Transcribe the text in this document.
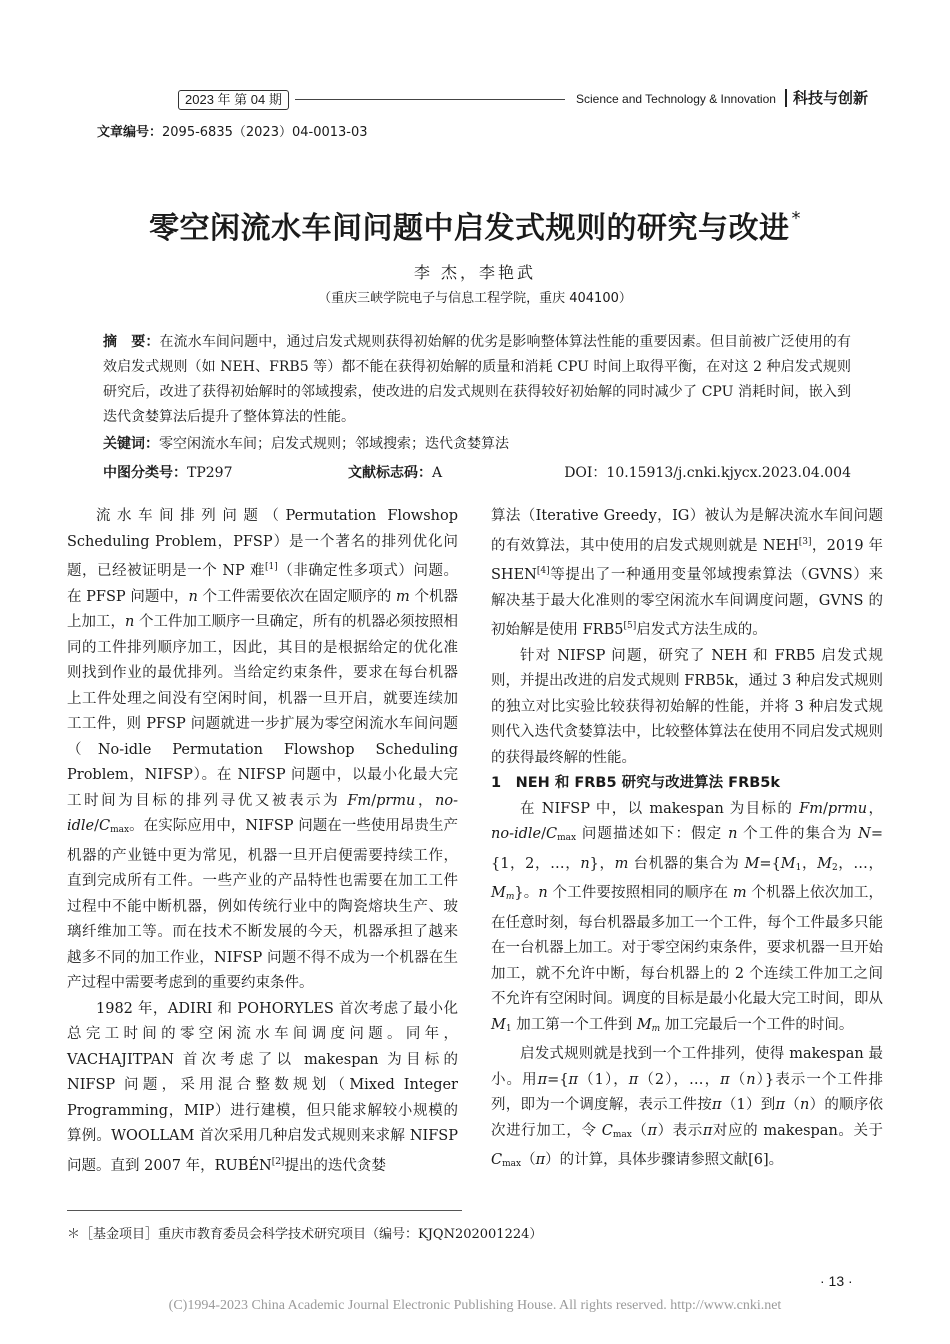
2023 年 第 04 期	Science and Technology & Innovation 科技与创新
文章编号：2095-6835（2023）04-0013-03
零空闲流水车间问题中启发式规则的研究与改进 *
李 杰，李艳武
（重庆三峡学院电子与信息工程学院，重庆 404100）
摘　要：在流水车间问题中，通过启发式规则获得初始解的优劣是影响整体算法性能的重要因素。但目前被广泛使用的有效启发式规则（如 NEH、FRB5 等）都不能在获得初始解的质量和消耗 CPU 时间上取得平衡，在对这 2 种启发式规则研究后，改进了获得初始解时的邻域搜索，使改进的启发式规则在获得较好初始解的同时减少了 CPU 消耗时间，嵌入到迭代贪婪算法后提升了整体算法的性能。
关键词：零空闲流水车间；启发式规则；邻域搜索；迭代贪婪算法
中图分类号：TP297	文献标志码：A	DOI：10.15913/j.cnki.kjycx.2023.04.004

流水车间排列问题（Permutation Flowshop Scheduling Problem，PFSP）是一个著名的排列优化问题，已经被证明是一个 NP 难[1]（非确定性多项式）问题。在 PFSP 问题中，n 个工件需要依次在固定顺序的 m 个机器上加工，n 个工件加工顺序一旦确定，所有的机器必须按照相同的工件排列顺序加工，因此，其目的是根据给定的优化准则找到作业的最优排列。当给定约束条件，要求在每台机器上工件处理之间没有空闲时间，机器一旦开启，就要连续加工工件，则 PFSP 问题就进一步扩展为零空闲流水车间问题（No-idle Permutation Flowshop Scheduling Problem，NIFSP）。在 NIFSP 问题中，以最小化最大完工时间为目标的排列寻优又被表示为 Fm/prmu，$no-idle/C_{max}$。在实际应用中，NIFSP 问题在一些使用昂贵生产机器的产业链中更为常见，机器一旦开启便需要持续工作，直到完成所有工件。一些产业的产品特性也需要在加工工件过程中不能中断机器，例如传统行业中的陶瓷熔块生产、玻璃纤维加工等。而在技术不断发展的今天，机器承担了越来越多不同的加工作业，NIFSP 问题不得不成为一个机器在生产过程中需要考虑到的重要约束条件。

1982 年，ADIRI 和 POHORYLES 首次考虑了最小化总完工时间的零空闲流水车间调度问题。同年，VACHAJITPAN 首次考虑了以 makespan 为目标的 NIFSP 问题，采用混合整数规划（Mixed Integer Programming，MIP）进行建模，但只能求解较小规模的算例。WOOLLAM 首次采用几种启发式规则来求解 NIFSP 问题。直到 2007 年，RUBÉN[2]提出的迭代贪婪

算法（Iterative Greedy，IG）被认为是解决流水车间问题的有效算法，其中使用的启发式规则就是 NEH[3]，2019 年 SHEN[4]等提出了一种通用变量邻域搜索算法（GVNS）来解决基于最大化准则的零空闲流水车间调度问题，GVNS 的初始解是使用 FRB5[5]启发式方法生成的。

针对 NIFSP 问题，研究了 NEH 和 FRB5 启发式规则，并提出改进的启发式规则 FRB5k，通过 3 种启发式规则的独立对比实验比较获得初始解的性能，并将 3 种启发式规则代入迭代贪婪算法中，比较整体算法在使用不同启发式规则的获得最终解的性能。

1　NEH 和 FRB5 研究与改进算法 FRB5k

在 NIFSP 中，以 makespan 为目标的 Fm/prmu，$no-idle/C_{max}$ 问题描述如下：假定 n 个工件的集合为 N={1，2，…，n}，m 台机器的集合为 $M=\{M_1$，$M_2$，…，$M_m$}。n 个工件要按照相同的顺序在 m 个机器上依次加工，在任意时刻，每台机器最多加工一个工件，每个工件最多只能在一台机器上加工。对于零空闲约束条件，要求机器一旦开始加工，就不允许中断，每台机器上的 2 个连续工件加工之间不允许有空闲时间。调度的目标是最小化最大完工时间，即从 $M_1$ 加工第一个工件到 $M_m$ 加工完最后一个工件的时间。

启发式规则就是找到一个工件排列，使得 makespan 最小。用π={π（1），π（2），…，π（n）}表示一个工件排列，即为一个调度解，表示工件按π（1）到π（n）的顺序依次进行加工，令 $C_{max}(\pi)$表示π对应的 makespan。关于 $C_{max}(\pi)$的计算，具体步骤请参照文献[6]。

＊［基金项目］重庆市教育委员会科学技术研究项目（编号：KJQN202001224）
· 13 ·
(C)1994-2023 China Academic Journal Electronic Publishing House. All rights reserved. http://www.cnki.net
